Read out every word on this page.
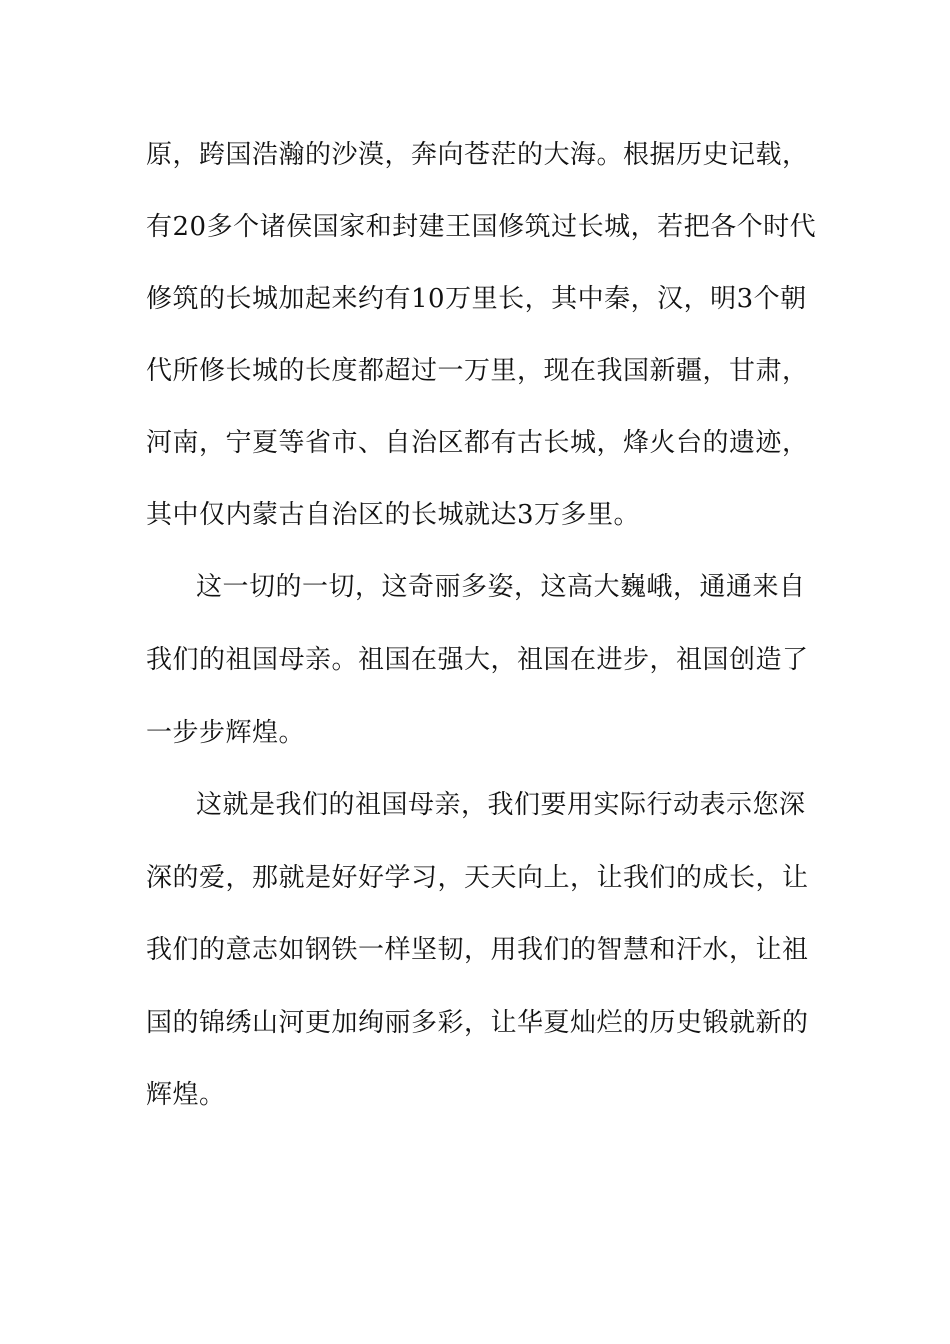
原，跨国浩瀚的沙漠，奔向苍茫的大海。根据历史记载，
有20多个诸侯国家和封建王国修筑过长城，若把各个时代
修筑的长城加起来约有10万里长，其中秦，汉，明3个朝
代所修长城的长度都超过一万里，现在我国新疆，甘肃，
河南，宁夏等省市、自治区都有古长城，烽火台的遗迹，
其中仅内蒙古自治区的长城就达3万多里。
这一切的一切，这奇丽多姿，这高大巍峨，通通来自
我们的祖国母亲。祖国在强大，祖国在进步，祖国创造了
一步步辉煌。
这就是我们的祖国母亲，我们要用实际行动表示您深
深的爱，那就是好好学习，天天向上，让我们的成长，让
我们的意志如钢铁一样坚韧，用我们的智慧和汗水，让祖
国的锦绣山河更加绚丽多彩，让华夏灿烂的历史锻就新的
辉煌。
